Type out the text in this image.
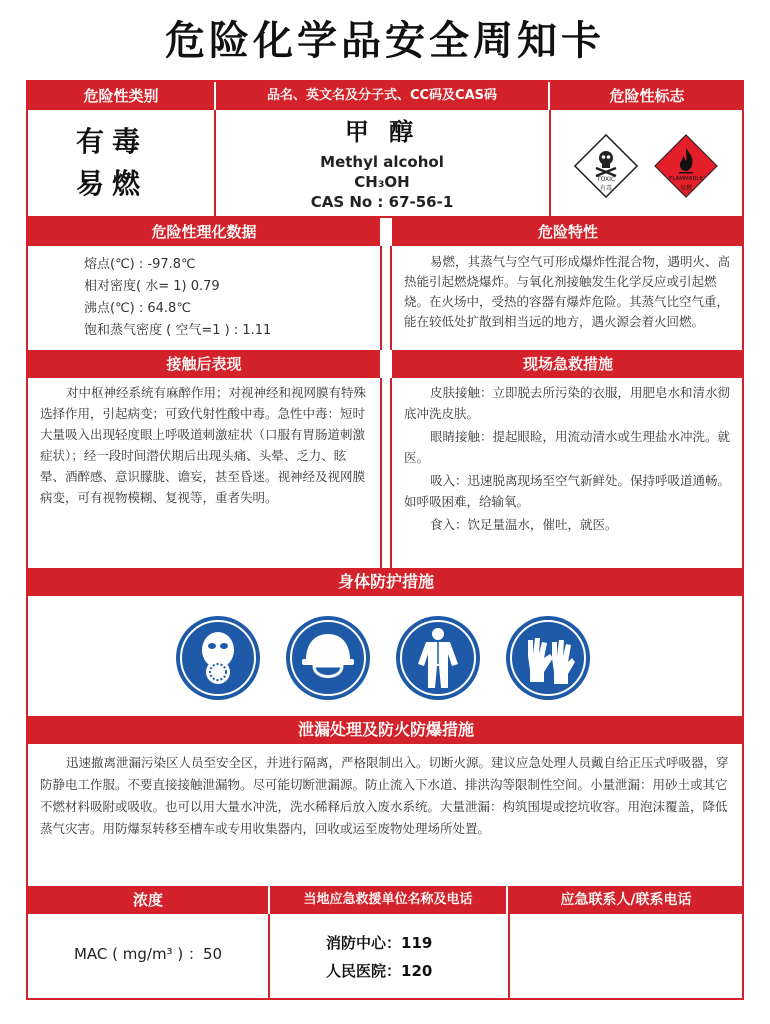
危险化学品安全周知卡
危险性类别	品名、英文名及分子式、CC码及CAS码	危险性标志
有毒
易燃
甲 醇
Methyl alcohol
CH₃OH
CAS No : 67-56-1
TOXIC
有毒
FLAMMABLE
易燃
危险性理化数据	危险特性
熔点(℃) : -97.8℃
相对密度( 水= 1) 0.79
沸点(℃) : 64.8℃
饱和蒸气密度 ( 空气=1 ) : 1.11
易燃，其蒸气与空气可形成爆炸性混合物，遇明火、高热能引起燃烧爆炸。与氧化剂接触发生化学反应或引起燃烧。在火场中，受热的容器有爆炸危险。其蒸气比空气重，能在较低处扩散到相当远的地方，遇火源会着火回燃。
接触后表现	现场急救措施
对中枢神经系统有麻醉作用；对视神经和视网膜有特殊选择作用，引起病变；可致代射性酸中毒。急性中毒：短时大量吸入出现轻度眼上呼吸道刺激症状（口服有胃肠道刺激症状）；经一段时间潜伏期后出现头痛、头晕、乏力、眩晕、酒醉感、意识朦胧、谵妄，甚至昏迷。视神经及视网膜病变，可有视物模糊、复视等，重者失明。
皮肤接触：立即脱去所污染的衣服，用肥皂水和清水彻底冲洗皮肤。
眼睛接触：提起眼睑，用流动清水或生理盐水冲洗。就医。
吸入：迅速脱离现场至空气新鲜处。保持呼吸道通畅。如呼吸困难，给输氧。
食入：饮足量温水，催吐，就医。
身体防护措施
泄漏处理及防火防爆措施
迅速撤离泄漏污染区人员至安全区，并进行隔离，严格限制出入。切断火源。建议应急处理人员戴自给正压式呼吸器，穿防静电工作服。不要直接接触泄漏物。尽可能切断泄漏源。防止流入下水道、排洪沟等限制性空间。小量泄漏：用砂土或其它不燃材料吸附或吸收。也可以用大量水冲洗，洗水稀释后放入废水系统。大量泄漏：构筑围堤或挖坑收容。用泡沫覆盖，降低蒸气灾害。用防爆泵转移至槽车或专用收集器内，回收或运至废物处理场所处置。
浓度	当地应急救援单位名称及电话	应急联系人/联系电话
MAC ( mg/m³ ) ：50
消防中心：119
人民医院：120
